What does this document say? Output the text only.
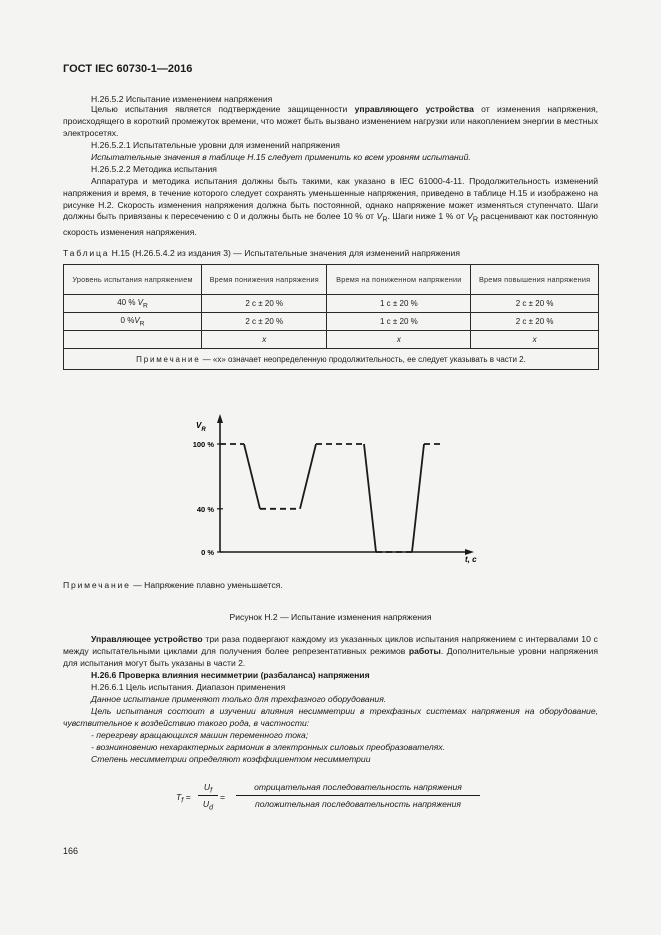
ГОСТ IEC 60730-1—2016
H.26.5.2 Испытание изменением напряжения
Целью испытания является подтверждение защищенности управляющего устройства от изменения напряжения, происходящего в короткий промежуток времени, что может быть вызвано изменением нагрузки или накоплением энергии в местных электросетях.
H.26.5.2.1 Испытательные уровни для изменений напряжения
Испытательные значения в таблице H.15 следует применить ко всем уровням испытаний.
H.26.5.2.2 Методика испытания
Аппаратура и методика испытания должны быть такими, как указано в IEC 61000-4-11. Продолжительность изменений напряжения и время, в течение которого следует сохранять уменьшенные напряжения, приведено в таблице H.15 и изображено на рисунке H.2. Скорость изменения напряжения должна быть постоянной, однако напряжение может изменяться ступенчато. Шаги должны быть привязаны к пересечению с 0 и должны быть не более 10 % от $V_R$. Шаги ниже 1 % от $V_R$ расценивают как постоянную скорость изменения напряжения.
Таблица H.15 (H.26.5.4.2 из издания 3) — Испытательные значения для изменений напряжения
Уровень испытания напряжением	Время понижения напряжения	Время на пониженном напряжении	Время повышения напряжения
40 % $V_R$	2 с ± 20 %	1 с ± 20 %	2 с ± 20 %
0 $\%V_R$	2 с ± 20 %	1 с ± 20 %	2 с ± 20 %
	x	x	x
Примечание — «x» означает неопределенную продолжительность, ее следует указывать в части 2.			
$V_R$
t, с
100 %
40 %
0 %
Примечание — Напряжение плавно уменьшается.
Рисунок H.2 — Испытание изменения напряжения
Управляющее устройство три раза подвергают каждому из указанных циклов испытания напряжением с интервалами 10 с между испытательными циклами для получения более репрезентативных режимов работы. Дополнительные уровни напряжения для испытания могут быть указаны в части 2.
H.26.6 Проверка влияния несимметрии (разбаланса) напряжения
H.26.6.1 Цель испытания. Диапазон применения
Данное испытание применяют только для трехфазного оборудования.
Цель испытания состоит в изучении влияния несимметрии в трехфазных системах напряжения на оборудование, чувствительное к воздействию такого рода, в частности:
- перегреву вращающихся машин переменного тока;
- возникновению нехарактерных гармоник в электронных силовых преобразователях.
Степень несимметрии определяют коэффициентом несимметрии
$T_f$ =
$U_f$
$U_d$
=
отрицательная последовательность напряжения
положительная последовательность напряжения
166
